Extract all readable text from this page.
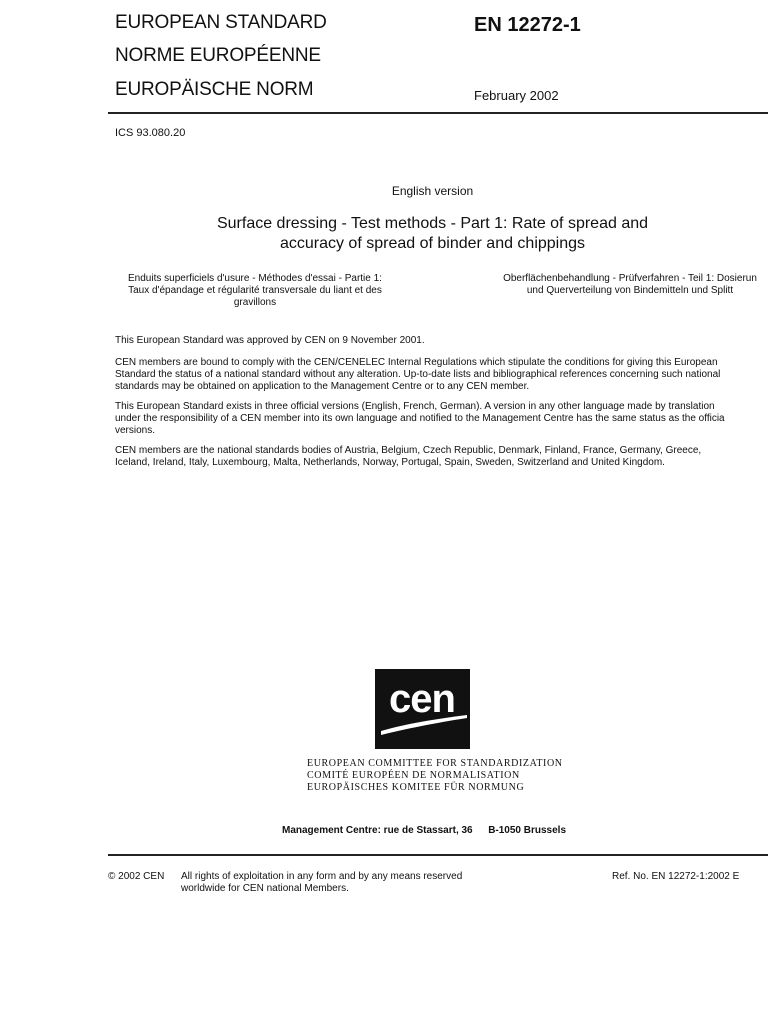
EUROPEAN STANDARD
NORME EUROPÉENNE
EUROPÄISCHE NORM
EN 12272-1
February 2002
ICS 93.080.20
English version
Surface dressing - Test methods - Part 1: Rate of spread and
accuracy of spread of binder and chippings
Enduits superficiels d'usure - Méthodes d'essai - Partie 1:
Taux d'épandage et régularité transversale du liant et des
gravillons
Oberflächenbehandlung - Prüfverfahren - Teil 1: Dosierun
und Querverteilung von Bindemitteln und Splitt
This European Standard was approved by CEN on 9 November 2001.
CEN members are bound to comply with the CEN/CENELEC Internal Regulations which stipulate the conditions for giving this European
Standard the status of a national standard without any alteration. Up-to-date lists and bibliographical references concerning such national
standards may be obtained on application to the Management Centre or to any CEN member.
This European Standard exists in three official versions (English, French, German). A version in any other language made by translation
under the responsibility of a CEN member into its own language and notified to the Management Centre has the same status as the officia
versions.
CEN members are the national standards bodies of Austria, Belgium, Czech Republic, Denmark, Finland, France, Germany, Greece,
Iceland, Ireland, Italy, Luxembourg, Malta, Netherlands, Norway, Portugal, Spain, Sweden, Switzerland and United Kingdom.
cen
EUROPEAN COMMITTEE FOR STANDARDIZATION
COMITÉ EUROPÉEN DE NORMALISATION
EUROPÄISCHES KOMITEE FÜR NORMUNG
Management Centre: rue de Stassart, 36 B-1050 Brussels
© 2002 CEN All rights of exploitation in any form and by any means reserved
worldwide for CEN national Members.
Ref. No. EN 12272-1:2002 E
